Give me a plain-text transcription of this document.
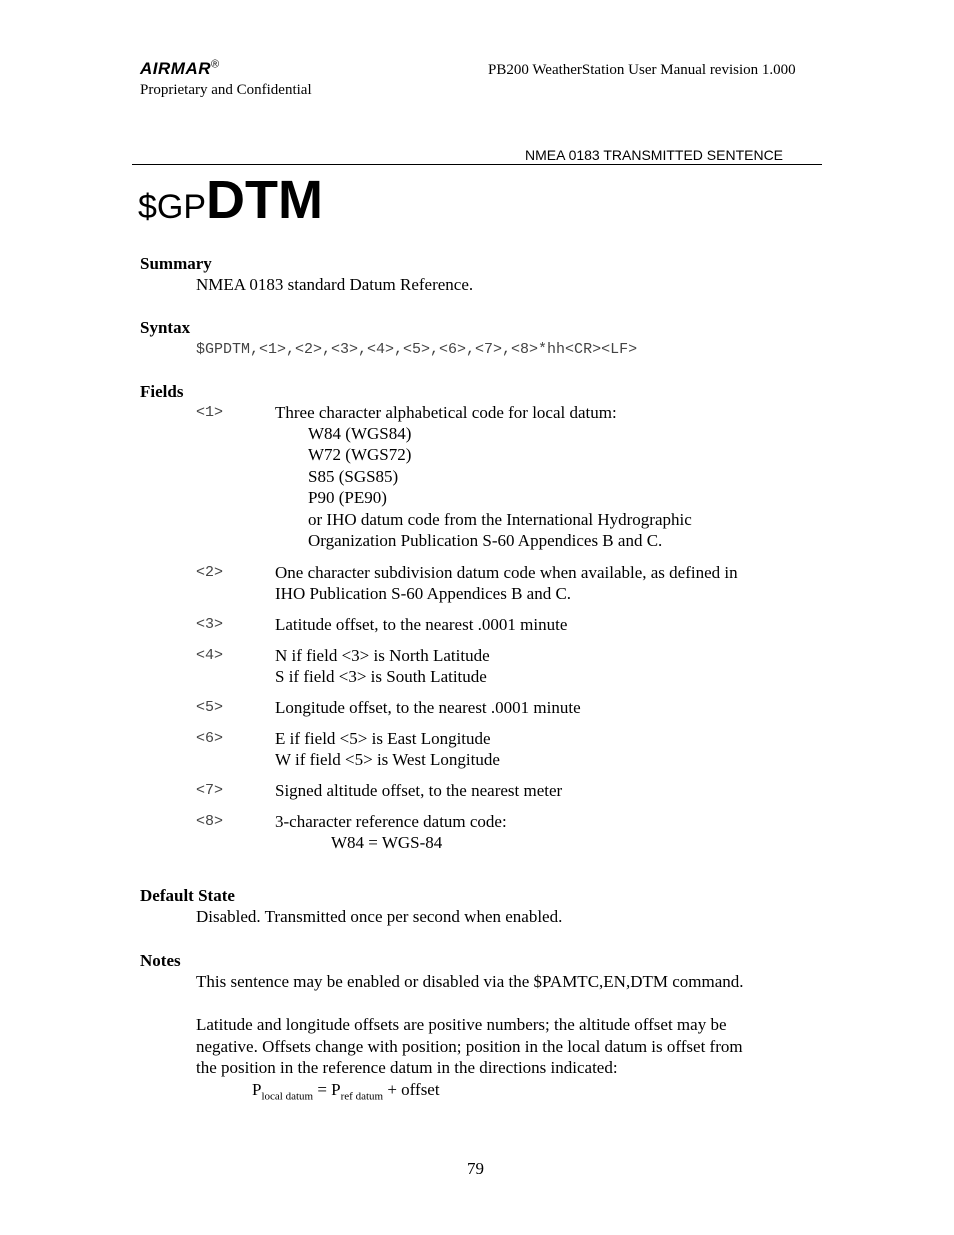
AIRMAR®
Proprietary and Confidential
PB200 WeatherStation User Manual revision 1.000
NMEA 0183 TRANSMITTED SENTENCE
$GPDTM
Summary
NMEA 0183 standard Datum Reference.
Syntax
$GPDTM,<1>,<2>,<3>,<4>,<5>,<6>,<7>,<8>*hh<CR><LF>
Fields
<1>	Three character alphabetical code for local datum:
W84 (WGS84)
W72 (WGS72)
S85 (SGS85)
P90 (PE90)
or IHO datum code from the International Hydrographic
Organization Publication S-60 Appendices B and C.
<2>	One character subdivision datum code when available, as defined in
IHO Publication S-60 Appendices B and C.
<3>	Latitude offset, to the nearest .0001 minute
<4>	N if field <3> is North Latitude
S if field <3> is South Latitude
<5>	Longitude offset, to the nearest .0001 minute
<6>	E if field <5> is East Longitude
W if field <5> is West Longitude
<7>	Signed altitude offset, to the nearest meter
<8>	3-character reference datum code:
W84 = WGS-84
Default State
Disabled. Transmitted once per second when enabled.
Notes
This sentence may be enabled or disabled via the $PAMTC,EN,DTM command.
Latitude and longitude offsets are positive numbers; the altitude offset may be
negative. Offsets change with position; position in the local datum is offset from
the position in the reference datum in the directions indicated:
$P_{local datum} = P_{ref datum}$ + offset
79
